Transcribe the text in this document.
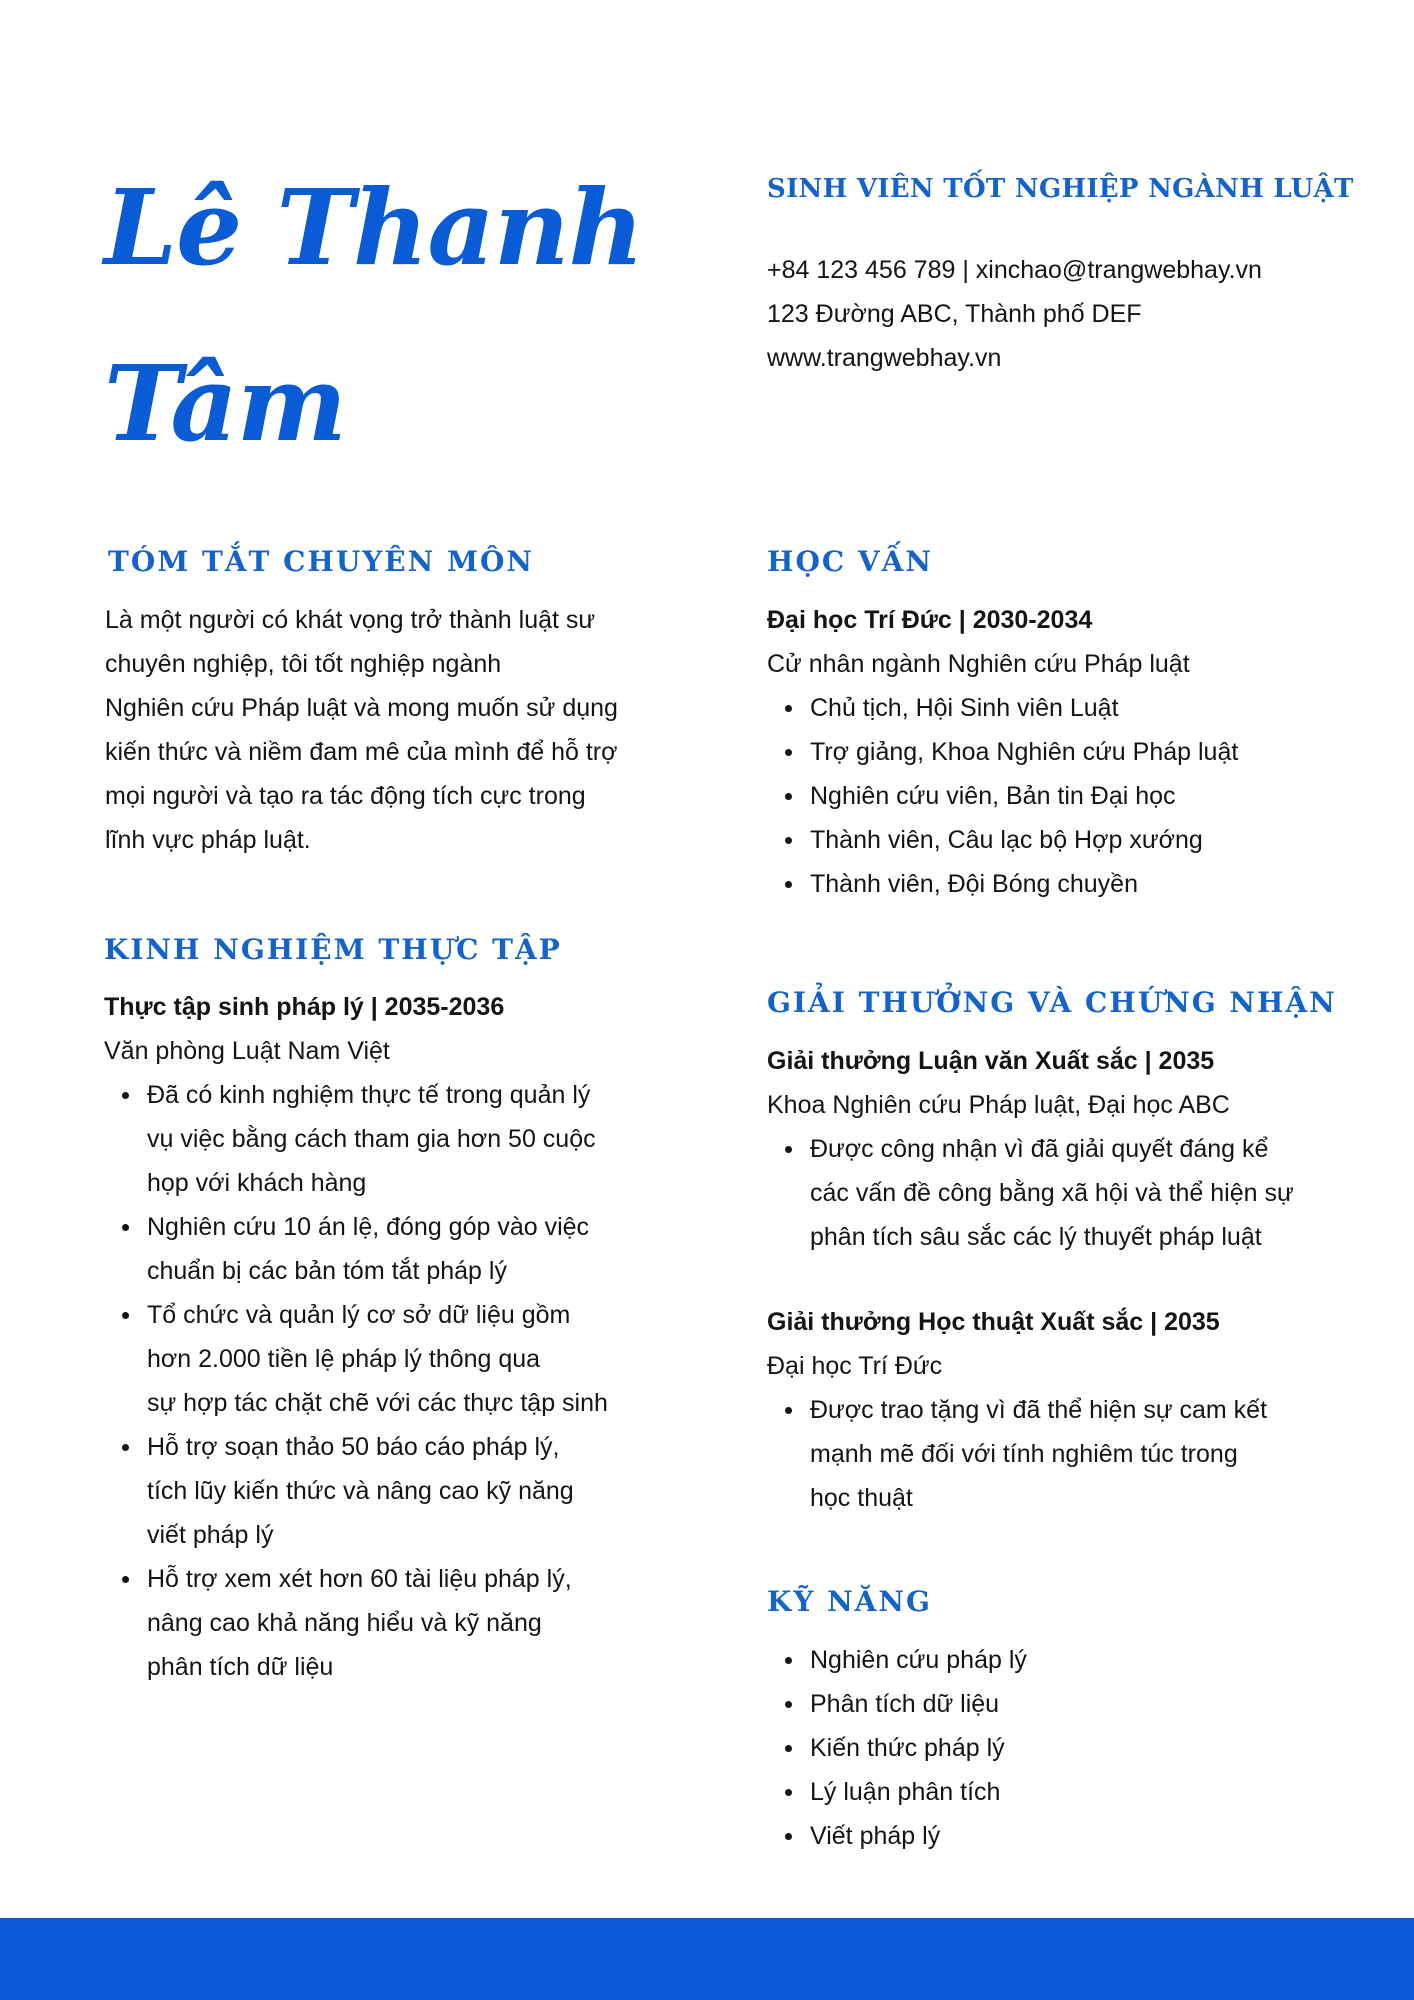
Lê Thanh
Tâm
SINH VIÊN TỐT NGHIỆP NGÀNH LUẬT
+84 123 456 789 | xinchao@trangwebhay.vn
123 Đường ABC, Thành phố DEF
www.trangwebhay.vn
TÓM TẮT CHUYÊN MÔN
Là một người có khát vọng trở thành luật sư
chuyên nghiệp, tôi tốt nghiệp ngành
Nghiên cứu Pháp luật và mong muốn sử dụng
kiến thức và niềm đam mê của mình để hỗ trợ
mọi người và tạo ra tác động tích cực trong
lĩnh vực pháp luật.
KINH NGHIỆM THỰC TẬP
Thực tập sinh pháp lý | 2035-2036
Văn phòng Luật Nam Việt
Đã có kinh nghiệm thực tế trong quản lý
vụ việc bằng cách tham gia hơn 50 cuộc
họp với khách hàng
Nghiên cứu 10 án lệ, đóng góp vào việc
chuẩn bị các bản tóm tắt pháp lý
Tổ chức và quản lý cơ sở dữ liệu gồm
hơn 2.000 tiền lệ pháp lý thông qua
sự hợp tác chặt chẽ với các thực tập sinh
Hỗ trợ soạn thảo 50 báo cáo pháp lý,
tích lũy kiến thức và nâng cao kỹ năng
viết pháp lý
Hỗ trợ xem xét hơn 60 tài liệu pháp lý,
nâng cao khả năng hiểu và kỹ năng
phân tích dữ liệu
HỌC VẤN
Đại học Trí Đức | 2030-2034
Cử nhân ngành Nghiên cứu Pháp luật
Chủ tịch, Hội Sinh viên Luật
Trợ giảng, Khoa Nghiên cứu Pháp luật
Nghiên cứu viên, Bản tin Đại học
Thành viên, Câu lạc bộ Hợp xướng
Thành viên, Đội Bóng chuyền
GIẢI THƯỞNG VÀ CHỨNG NHẬN
Giải thưởng Luận văn Xuất sắc | 2035
Khoa Nghiên cứu Pháp luật, Đại học ABC
Được công nhận vì đã giải quyết đáng kể
các vấn đề công bằng xã hội và thể hiện sự
phân tích sâu sắc các lý thuyết pháp luật
Giải thưởng Học thuật Xuất sắc | 2035
Đại học Trí Đức
Được trao tặng vì đã thể hiện sự cam kết
mạnh mẽ đối với tính nghiêm túc trong
học thuật
KỸ NĂNG
Nghiên cứu pháp lý
Phân tích dữ liệu
Kiến thức pháp lý
Lý luận phân tích
Viết pháp lý
